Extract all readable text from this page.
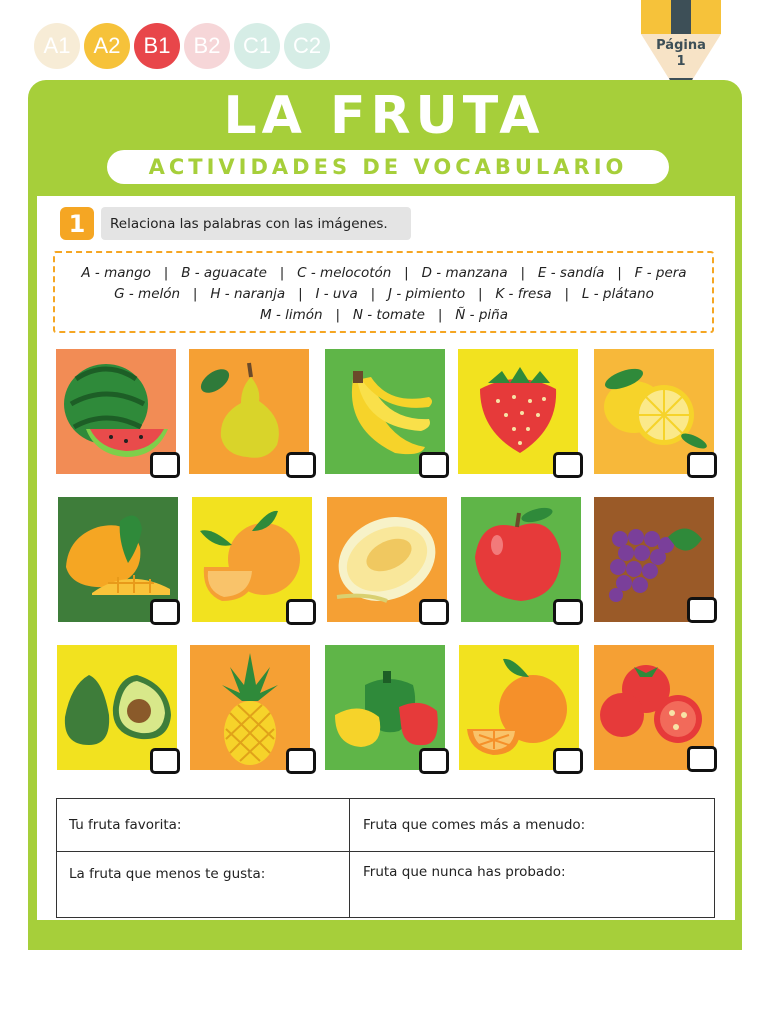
A1	A2	B1	B2	C1 C2	Página
1
LA FRUTA
ACTIVIDADES DE VOCABULARIO
1	Relaciona las palabras con las imágenes.
A - mango   |   B - aguacate   |   C - melocotón   |   D - manzana   |   E - sandía   |   F - pera
G - melón   |   H - naranja   |   I - uva   |   J - pimiento   |   K - fresa   |   L - plátano
M - limón   |   N - tomate   |   Ñ - piña
Tu fruta favorita:	Fruta que comes más a menudo:
La fruta que menos te gusta:	Fruta que nunca has probado:
